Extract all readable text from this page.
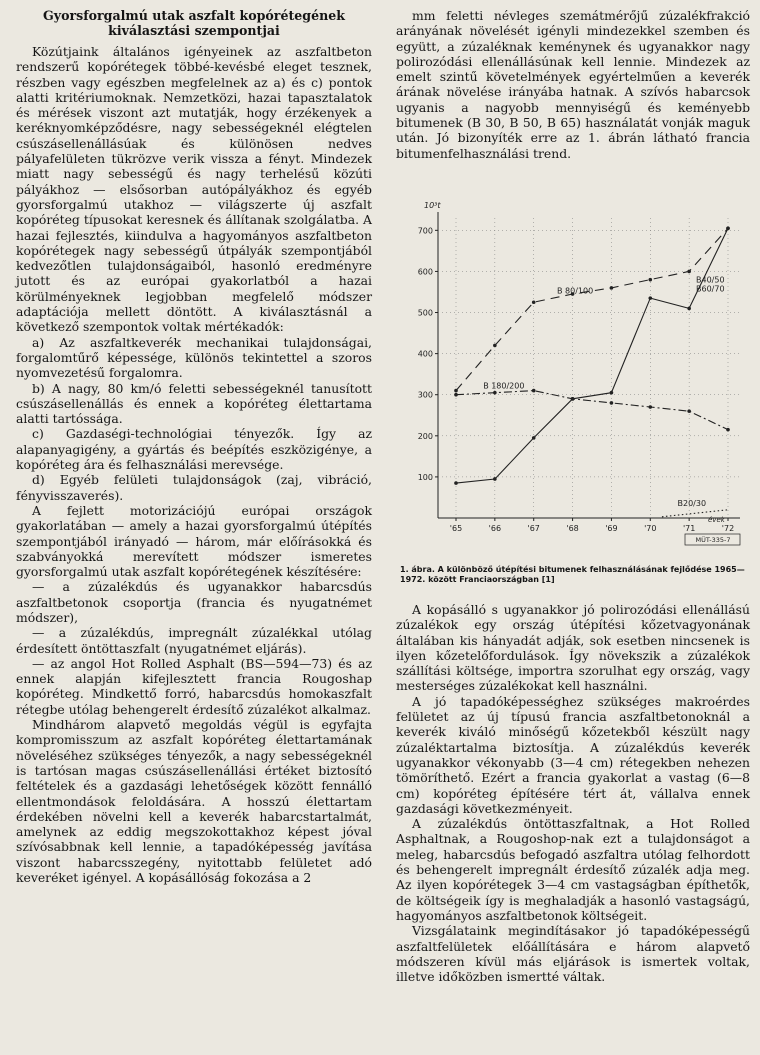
Gyorsforgalmú utak aszfalt kopórétegének
kiválasztási szempontjai

Közútjaink általános igényeinek az aszfaltbeton rendszerű kopórétegek többé-kevésbé eleget tesznek, részben vagy egészben megfelelnek az a) és c) pontok alatti kritériumoknak. Nemzetközi, hazai tapasztalatok és mérések viszont azt mutatják, hogy érzékenyek a keréknyomképződésre, nagy sebességeknél elégtelen csúszásellenállásúak és különösen nedves pályafelületen tükrözve verik vissza a fényt. Mindezek miatt nagy sebességű és nagy terhelésű közúti pályákhoz — elsősorban autópályákhoz és egyéb gyorsforgalmú utakhoz — világszerte új aszfalt kopóréteg típusokat keresnek és állítanak szolgálatba. A hazai fejlesztés, kiindulva a hagyományos aszfaltbeton kopórétegek nagy sebességű útpályák szempontjából kedvezőtlen tulajdonságaiból, hasonló eredményre jutott és az európai gyakorlatból a hazai körülményeknek legjobban megfelelő módszer adaptációja mellett döntött. A kiválasztásnál a következő szempontok voltak mértékadók:

a) Az aszfaltkeverék mechanikai tulajdonságai, forgalomtűrő képessége, különös tekintettel a szoros nyomvezetésű forgalomra.

b) A nagy, 80 km/ó feletti sebességeknél tanusított csúszásellenállás és ennek a kopóréteg élettartama alatti tartóssága.

c) Gazdaségi-technológiai tényezők. Így az alapanyagigény, a gyártás és beépítés eszközigénye, a kopóréteg ára és felhasználási merevsége.

d) Egyéb felületi tulajdonságok (zaj, vibráció, fényvisszaverés).

A fejlett motorizációjú európai országok gyakorlatában — amely a hazai gyorsforgalmú útépítés szempontjából irányadó — három, már előírásokká és szabványokká merevített módszer ismeretes gyorsforgalmú utak aszfalt kopórétegének készítésére:

— a zúzalékdús és ugyanakkor habarcsdús aszfaltbetonok csoportja (francia és nyugatnémet módszer),

— a zúzalékdús, impregnált zúzalékkal utólag érdesített öntöttaszfalt (nyugatnémet eljárás).

— az angol Hot Rolled Asphalt (BS—594—73) és az ennek alapján kifejlesztett francia Rougoshap kopóréteg. Mindkettő forró, habarcsdús homokaszfalt rétegbe utólag behengerelt érdesítő zúzalékot alkalmaz.

Mindhárom alapvető megoldás végül is egyfajta kompromisszum az aszfalt kopóréteg élettartamának növeléséhez szükséges tényezők, a nagy sebességeknél is tartósan magas csúszásellenállási értéket biztosító feltételek és a gazdasági lehetőségek között fennálló ellentmondások feloldására. A hosszú élettartam érdekében növelni kell a keverék habarcstartalmát, amelynek az eddig megszokottakhoz képest jóval szívósabbnak kell lennie, a tapadóképesség javítása viszont habarcsszegény, nyitottabb felületet adó keveréket igényel. A kopásállóság fokozása a 2

mm feletti névleges szemátmérőjű zúzalékfrakció arányának növelését igényli mindezekkel szemben és együtt, a zúzaléknak keménynek és ugyanakkor nagy polirozódási ellenállásúnak kell lennie. Mindezek az emelt szintű követelmények egyértelműen a keverék árának növelése irányába hatnak. A szívós habarcsok ugyanis a nagyobb mennyiségű és keményebb bitumenek (B 30, B 50, B 65) használatát vonják maguk után. Jó bizonyíték erre az 1. ábrán látható francia bitumenfelhasználási trend.

100
200
300
400
500
600
700
'65	'66	'67	'68	'69	'70	'71	'72
10³t
évek
MÜT-335-7
B 80/100
B 180/200
B40/50
B60/70
B20/30
1. ábra. A különböző útépítési bitumenek felhasználásának fejlődése 1965—1972. között Franciaországban [1]

A kopásálló s ugyanakkor jó polirozódási ellenállású zúzalékok egy ország útépítési kőzetvagyonának általában kis hányadát adják, sok esetben nincsenek is ilyen kőzetelőfordulások. Így növekszik a zúzalékok szállítási költsége, importra szorulhat egy ország, vagy mesterséges zúzalékokat kell használni.

A jó tapadóképességhez szükséges makroérdes felületet az új típusú francia aszfaltbetonoknál a keverék kiváló minőségű kőzetekből készült nagy zúzaléktartalma biztosítja. A zúzalékdús keverék ugyanakkor vékonyabb (3—4 cm) rétegekben nehezen tömöríthető. Ezért a francia gyakorlat a vastag (6—8 cm) kopóréteg építésére tért át, vállalva ennek gazdasági következményeit.

A zúzalékdús öntöttaszfaltnak, a Hot Rolled Asphaltnak, a Rougoshop-nak ezt a tulajdonságot a meleg, habarcsdús befogadó aszfaltra utólag felhordott és behengerelt impregnált érdesítő zúzalék adja meg. Az ilyen kopórétegek 3—4 cm vastagságban építhetők, de költségeik így is meghaladják a hasonló vastagságú, hagyományos aszfaltbetonok költségeit.

Vizsgálataink megindításakor jó tapadóképességű aszfaltfelületek előállítására e három alapvető módszeren kívül más eljárások is ismertek voltak, illetve időközben ismertté váltak.
